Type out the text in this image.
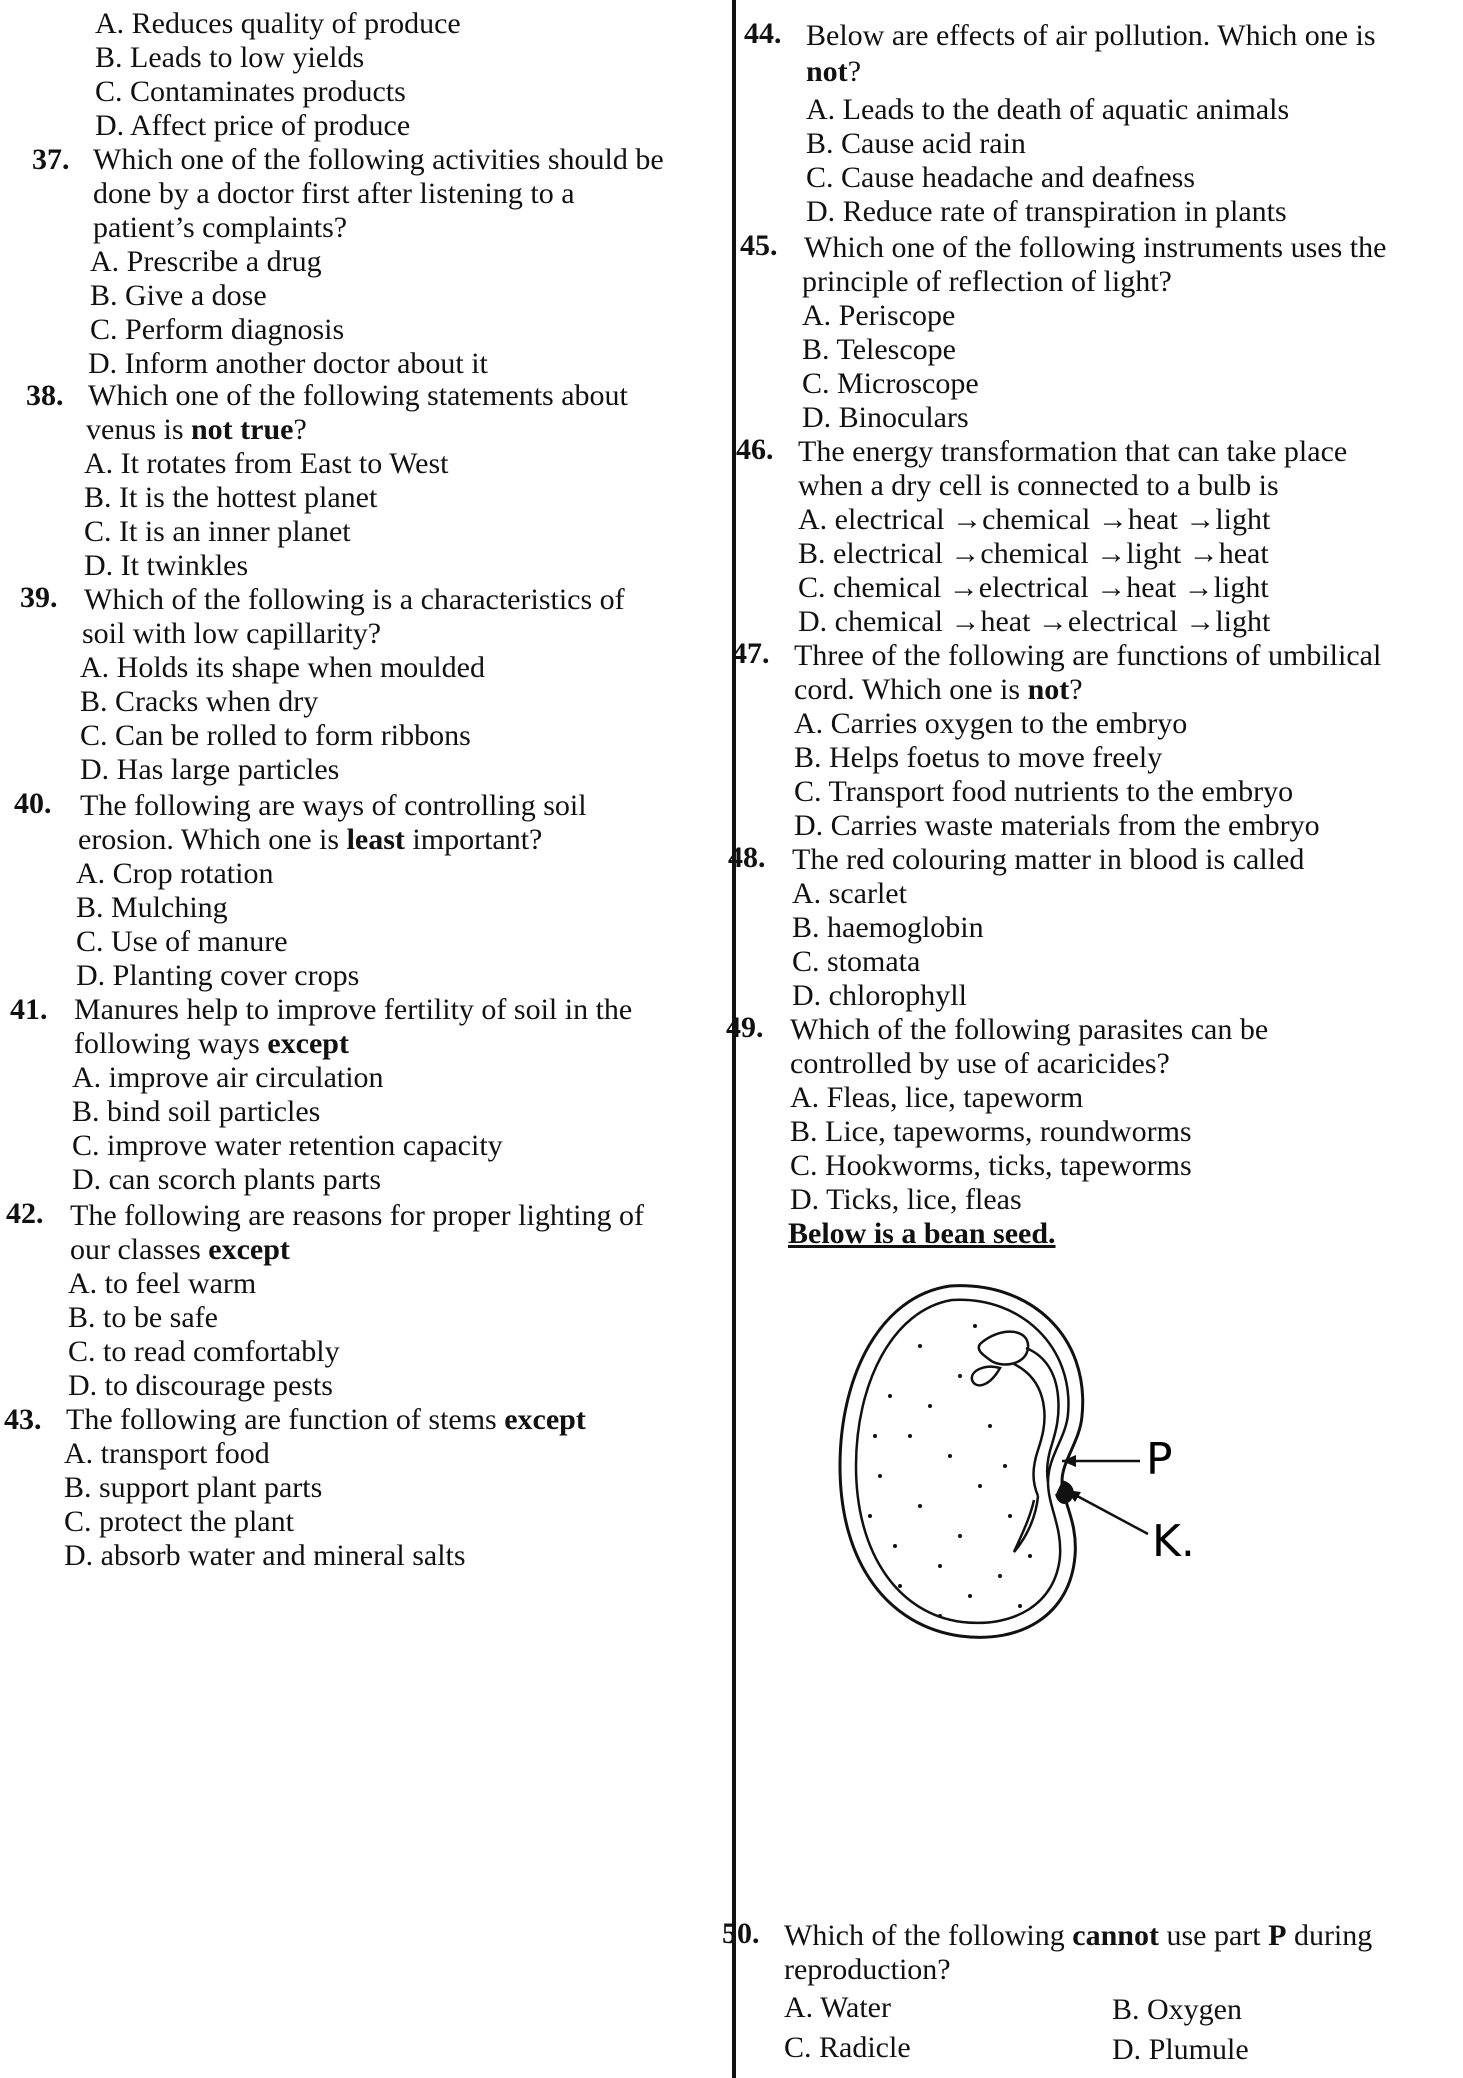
A. Reduces quality of produce
B. Leads to low yields
C. Contaminates products
D. Affect price of produce
37. Which one of the following activities should be
done by a doctor first after listening to a
patient’s complaints?
A. Prescribe a drug
B. Give a dose
C. Perform diagnosis
D. Inform another doctor about it
38. Which one of the following statements about
venus is not true?
A. It rotates from East to West
B. It is the hottest planet
C. It is an inner planet
D. It twinkles
39. Which of the following is a characteristics of
soil with low capillarity?
A. Holds its shape when moulded
B. Cracks when dry
C. Can be rolled to form ribbons
D. Has large particles
40. The following are ways of controlling soil
erosion. Which one is least important?
A. Crop rotation
B. Mulching
C. Use of manure
D. Planting cover crops
41. Manures help to improve fertility of soil in the
following ways except
A. improve air circulation
B. bind soil particles
C. improve water retention capacity
D. can scorch plants parts
42. The following are reasons for proper lighting of
our classes except
A. to feel warm
B. to be safe
C. to read comfortably
D. to discourage pests
43. The following are function of stems except
A. transport food
B. support plant parts
C. protect the plant
D. absorb water and mineral salts
44. Below are effects of air pollution. Which one is
not?
A. Leads to the death of aquatic animals
B. Cause acid rain
C. Cause headache and deafness
D. Reduce rate of transpiration in plants
45. Which one of the following instruments uses the
principle of reflection of light?
A. Periscope
B. Telescope
C. Microscope
D. Binoculars
46. The energy transformation that can take place
when a dry cell is connected to a bulb is
A. electrical →chemical →heat →light
B. electrical →chemical →light →heat
C. chemical →electrical →heat →light
D. chemical →heat →electrical →light
47. Three of the following are functions of umbilical
cord. Which one is not?
A. Carries oxygen to the embryo
B. Helps foetus to move freely
C. Transport food nutrients to the embryo
D. Carries waste materials from the embryo
48. The red colouring matter in blood is called
A. scarlet
B. haemoglobin
C. stomata
D. chlorophyll
49. Which of the following parasites can be
controlled by use of acaricides?
A. Fleas, lice, tapeworm
B. Lice, tapeworms, roundworms
C. Hookworms, ticks, tapeworms
D. Ticks, lice, fleas
Below is a bean seed.
P
K.
50. Which of the following cannot use part P during
reproduction?
A. Water	B. Oxygen
C. Radicle	D. Plumule
